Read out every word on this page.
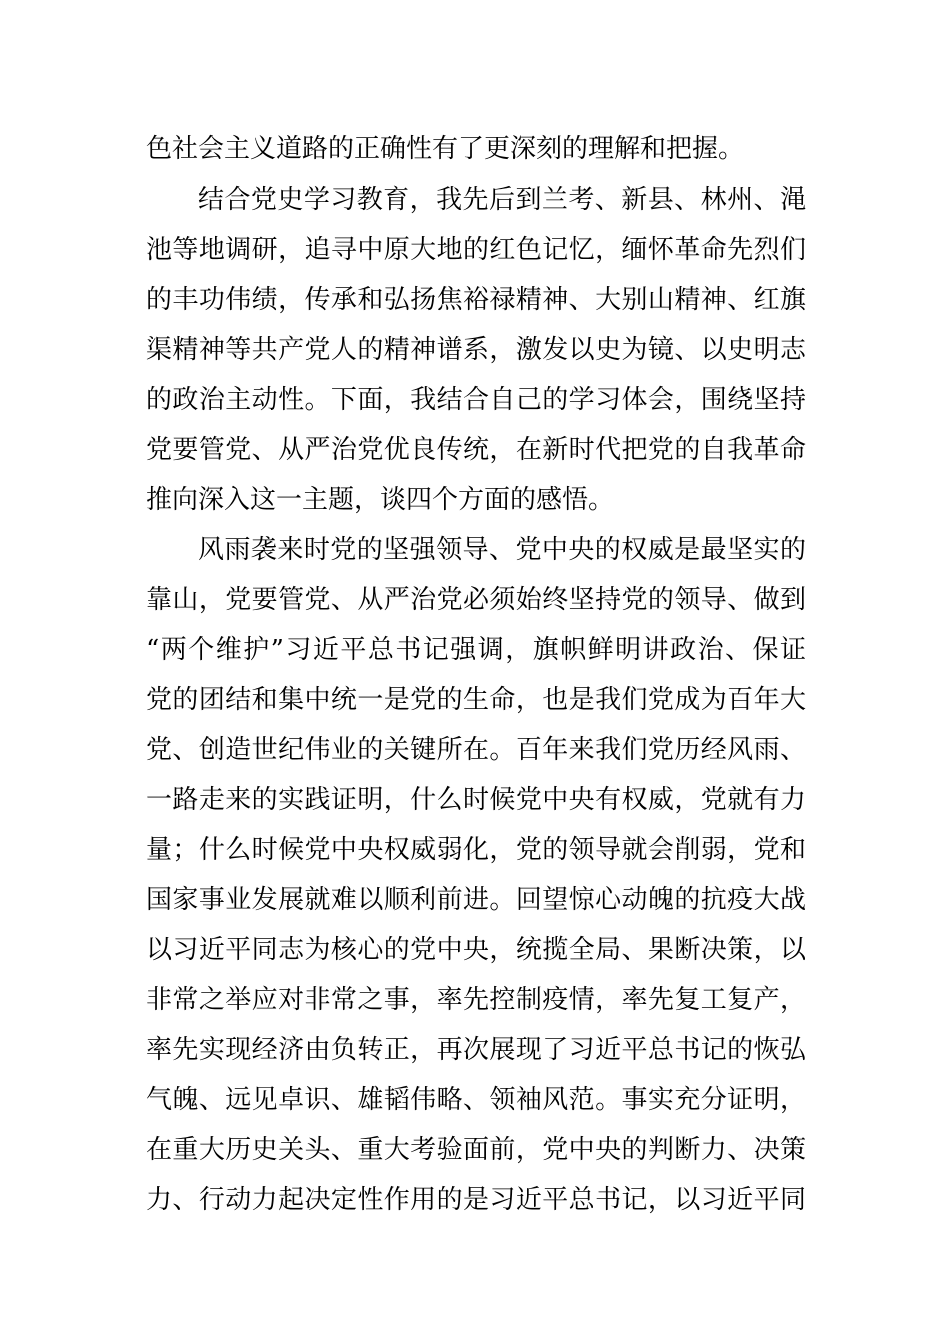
色社会主义道路的正确性有了更深刻的理解和把握。
结合党史学习教育，我先后到兰考、新县、林州、渑
池等地调研，追寻中原大地的红色记忆，缅怀革命先烈们
的丰功伟绩，传承和弘扬焦裕禄精神、大别山精神、红旗
渠精神等共产党人的精神谱系，激发以史为镜、以史明志
的政治主动性。下面，我结合自己的学习体会，围绕坚持
党要管党、从严治党优良传统，在新时代把党的自我革命
推向深入这一主题，谈四个方面的感悟。
风雨袭来时党的坚强领导、党中央的权威是最坚实的
靠山，党要管党、从严治党必须始终坚持党的领导、做到
“两个维护”习近平总书记强调，旗帜鲜明讲政治、保证
党的团结和集中统一是党的生命，也是我们党成为百年大
党、创造世纪伟业的关键所在。百年来我们党历经风雨、
一路走来的实践证明，什么时候党中央有权威，党就有力
量；什么时候党中央权威弱化，党的领导就会削弱，党和
国家事业发展就难以顺利前进。回望惊心动魄的抗疫大战
以习近平同志为核心的党中央，统揽全局、果断决策，以
非常之举应对非常之事，率先控制疫情，率先复工复产，
率先实现经济由负转正，再次展现了习近平总书记的恢弘
气魄、远见卓识、雄韬伟略、领袖风范。事实充分证明，
在重大历史关头、重大考验面前，党中央的判断力、决策
力、行动力起决定性作用的是习近平总书记，以习近平同
